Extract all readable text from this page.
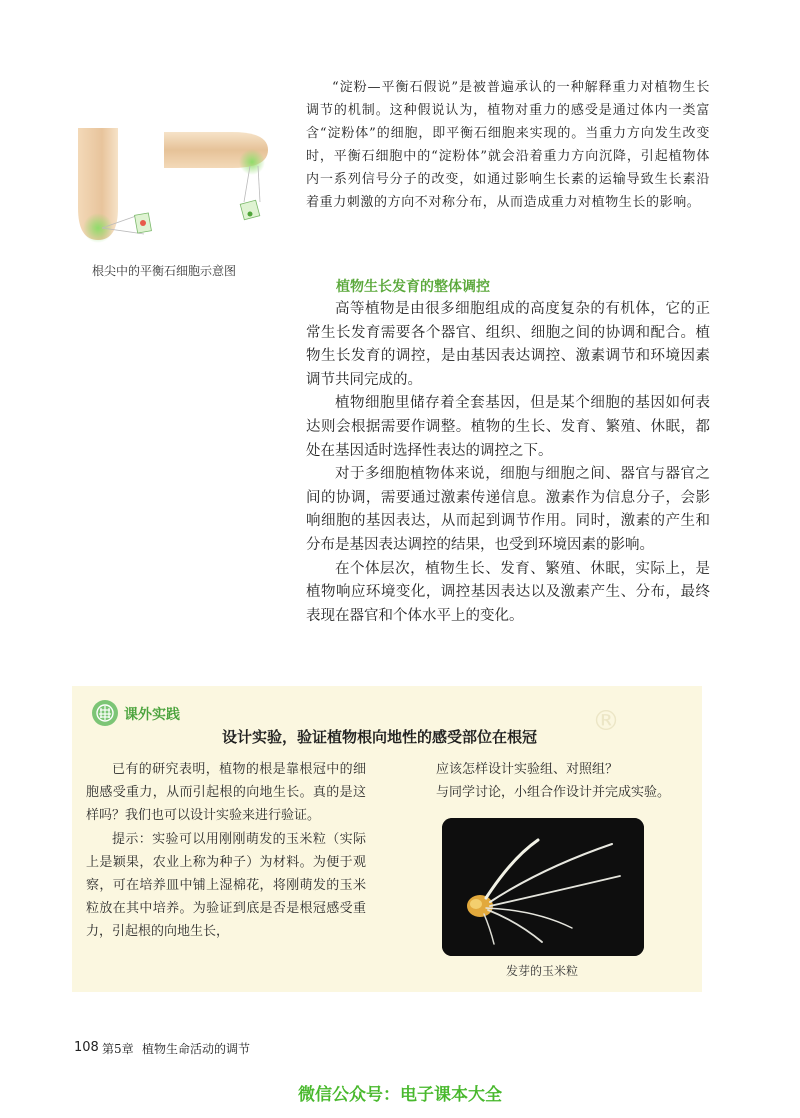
根尖中的平衡石细胞示意图
“淀粉—平衡石假说”是被普遍承认的一种解释重力对植物生长调节的机制。这种假说认为，植物对重力的感受是通过体内一类富含“淀粉体”的细胞，即平衡石细胞来实现的。当重力方向发生改变时，平衡石细胞中的“淀粉体”就会沿着重力方向沉降，引起植物体内一系列信号分子的改变，如通过影响生长素的运输导致生长素沿着重力刺激的方向不对称分布，从而造成重力对植物生长的影响。
植物生长发育的整体调控

高等植物是由很多细胞组成的高度复杂的有机体，它的正常生长发育需要各个器官、组织、细胞之间的协调和配合。植物生长发育的调控，是由基因表达调控、激素调节和环境因素调节共同完成的。

植物细胞里储存着全套基因，但是某个细胞的基因如何表达则会根据需要作调整。植物的生长、发育、繁殖、休眠，都处在基因适时选择性表达的调控之下。

对于多细胞植物体来说，细胞与细胞之间、器官与器官之间的协调，需要通过激素传递信息。激素作为信息分子，会影响细胞的基因表达，从而起到调节作用。同时，激素的产生和分布是基因表达调控的结果，也受到环境因素的影响。

在个体层次，植物生长、发育、繁殖、休眠，实际上，是植物响应环境变化，调控基因表达以及激素产生、分布，最终表现在器官和个体水平上的变化。

®
课外实践
设计实验，验证植物根向地性的感受部位在根冠

已有的研究表明，植物的根是靠根冠中的细胞感受重力，从而引起根的向地生长。真的是这样吗？我们也可以设计实验来进行验证。

提示：实验可以用刚刚萌发的玉米粒（实际上是颖果，农业上称为种子）为材料。为便于观察，可在培养皿中铺上湿棉花，将刚萌发的玉米粒放在其中培养。为验证到底是否是根冠感受重力，引起根的向地生长，

应该怎样设计实验组、对照组？

与同学讨论，小组合作设计并完成实验。

发芽的玉米粒
108 第5章 植物生命活动的调节
微信公众号：电子课本大全
